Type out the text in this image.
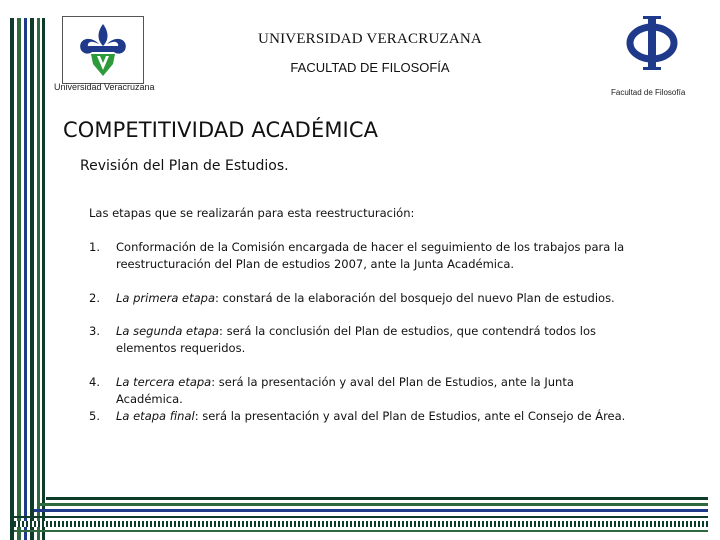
Universidad Veracruzana
Facultad de Filosofía
UNIVERSIDAD VERACRUZANA
FACULTAD DE FILOSOFÍA
COMPETITIVIDAD ACADÉMICA
Revisión del Plan de Estudios.
Las etapas que se realizarán para esta reestructuración:
1.	Conformación de la Comisión encargada de hacer el seguimiento de los trabajos para la reestructuración del Plan de estudios 2007, ante la Junta Académica.
2.	La primera etapa: constará de la elaboración del bosquejo del nuevo Plan de estudios.
3.	La segunda etapa: será la conclusión del Plan de estudios, que contendrá todos los elementos requeridos.
4.	La tercera etapa: será la presentación y aval del Plan de Estudios, ante la Junta Académica.
5.	La etapa final: será la presentación y aval del Plan de Estudios, ante el Consejo de Área.
